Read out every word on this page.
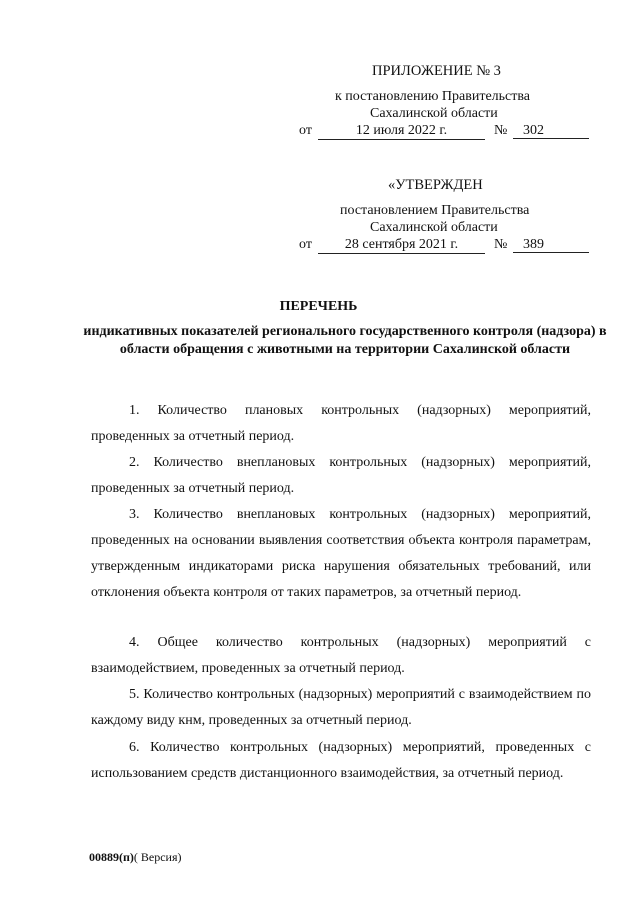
ПРИЛОЖЕНИЕ № 3
к постановлению Правительства
Сахалинской области
от	12 июля 2022 г.	№	302
«УТВЕРЖДЕН
постановлением Правительства
Сахалинской области
от	28 сентября 2021 г.	№	389
ПЕРЕЧЕНЬ
индикативных показателей регионального государственного контроля (надзора) в области обращения с животными на территории Сахалинской области
1. Количество плановых контрольных (надзорных) мероприятий, проведенных за отчетный период.
2. Количество внеплановых контрольных (надзорных) мероприятий, проведенных за отчетный период.
3. Количество внеплановых контрольных (надзорных) мероприятий, проведенных на основании выявления соответствия объекта контроля параметрам, утвержденным индикаторами риска нарушения обязательных требований, или отклонения объекта контроля от таких параметров, за отчетный период.
4. Общее количество контрольных (надзорных) мероприятий с взаимодействием, проведенных за отчетный период.
5. Количество контрольных (надзорных) мероприятий с взаимодействием по каждому виду кнм, проведенных за отчетный период.
6. Количество контрольных (надзорных) мероприятий, проведенных с использованием средств дистанционного взаимодействия, за отчетный период.
00889(п)( Версия)
